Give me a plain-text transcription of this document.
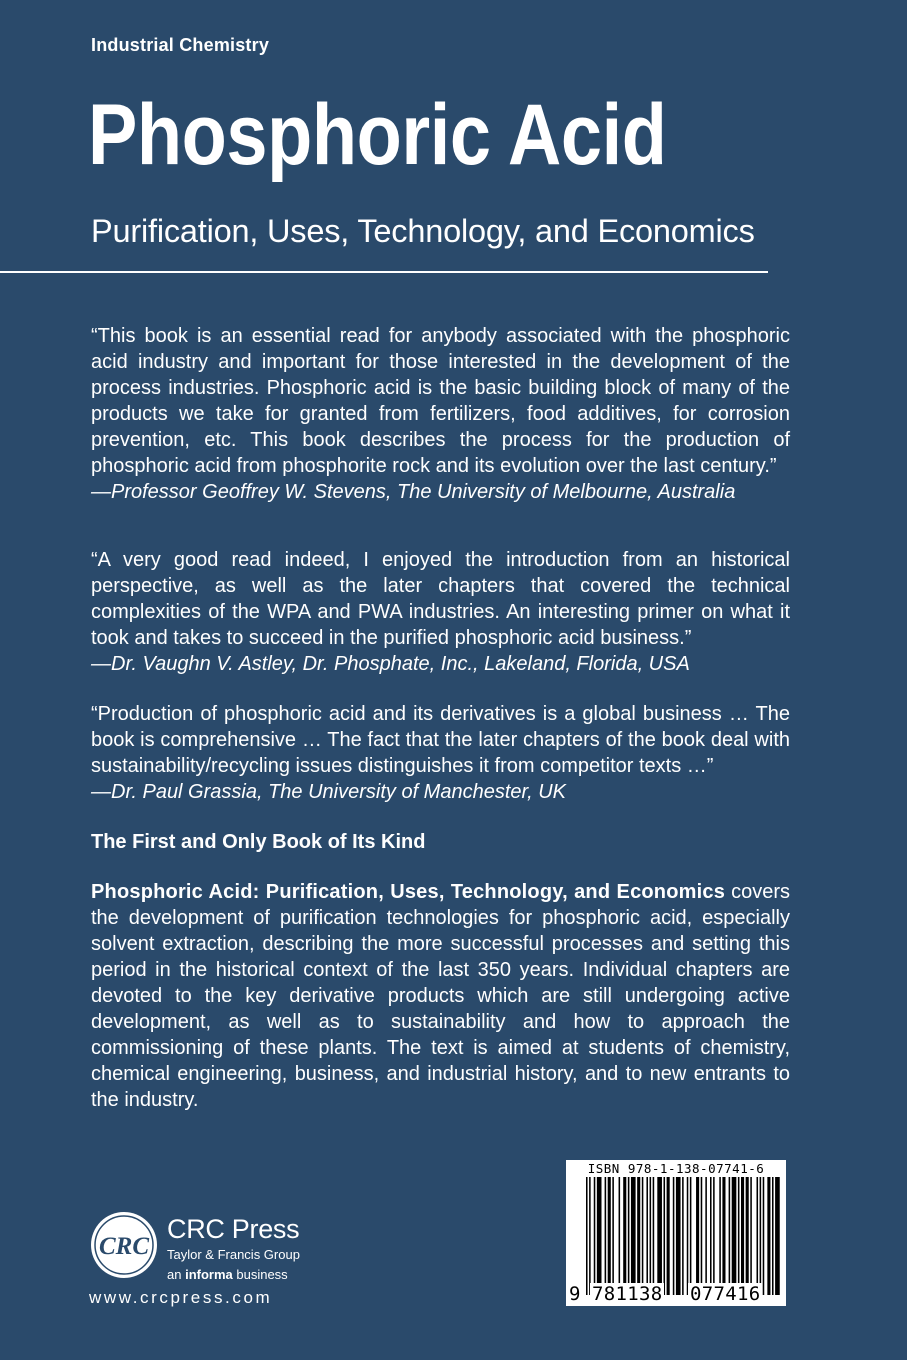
Industrial Chemistry
Phosphoric Acid
Purification, Uses, Technology, and Economics

“This book is an essential read for anybody associated with the phosphoric acid industry and important for those interested in the development of the process industries. Phosphoric acid is the basic building block of many of the products we take for granted from fertilizers, food additives, for corrosion prevention, etc. This book describes the process for the production of phosphoric acid from phosphorite rock and its evolution over the last century.”

—Professor Geoffrey W. Stevens, The University of Melbourne, Australia

“A very good read indeed, I enjoyed the introduction from an historical perspective, as well as the later chapters that covered the technical complexities of the WPA and PWA industries. An interesting primer on what it took and takes to succeed in the purified phosphoric acid business.”

—Dr. Vaughn V. Astley, Dr. Phosphate, Inc., Lakeland, Florida, USA

“Production of phosphoric acid and its derivatives is a global business … The book is comprehensive … The fact that the later chapters of the book deal with sustainability/recycling issues distinguishes it from competitor texts …”

—Dr. Paul Grassia, The University of Manchester, UK

The First and Only Book of Its Kind

Phosphoric Acid: Purification, Uses, Technology, and Economics covers the development of purification technologies for phosphoric acid, especially solvent extraction, describing the more successful processes and setting this period in the historical context of the last 350 years. Individual chapters are devoted to the key derivative products which are still undergoing active development, as well as to sustainability and how to approach the commissioning of these plants. The text is aimed at students of chemistry, chemical engineering, business, and industrial history, and to new entrants to the industry.

CRC
CRC Press
Taylor & Francis Group
an informa business
www.crcpress.com
ISBN 978-1-138-07741-6
9 781138 077416
